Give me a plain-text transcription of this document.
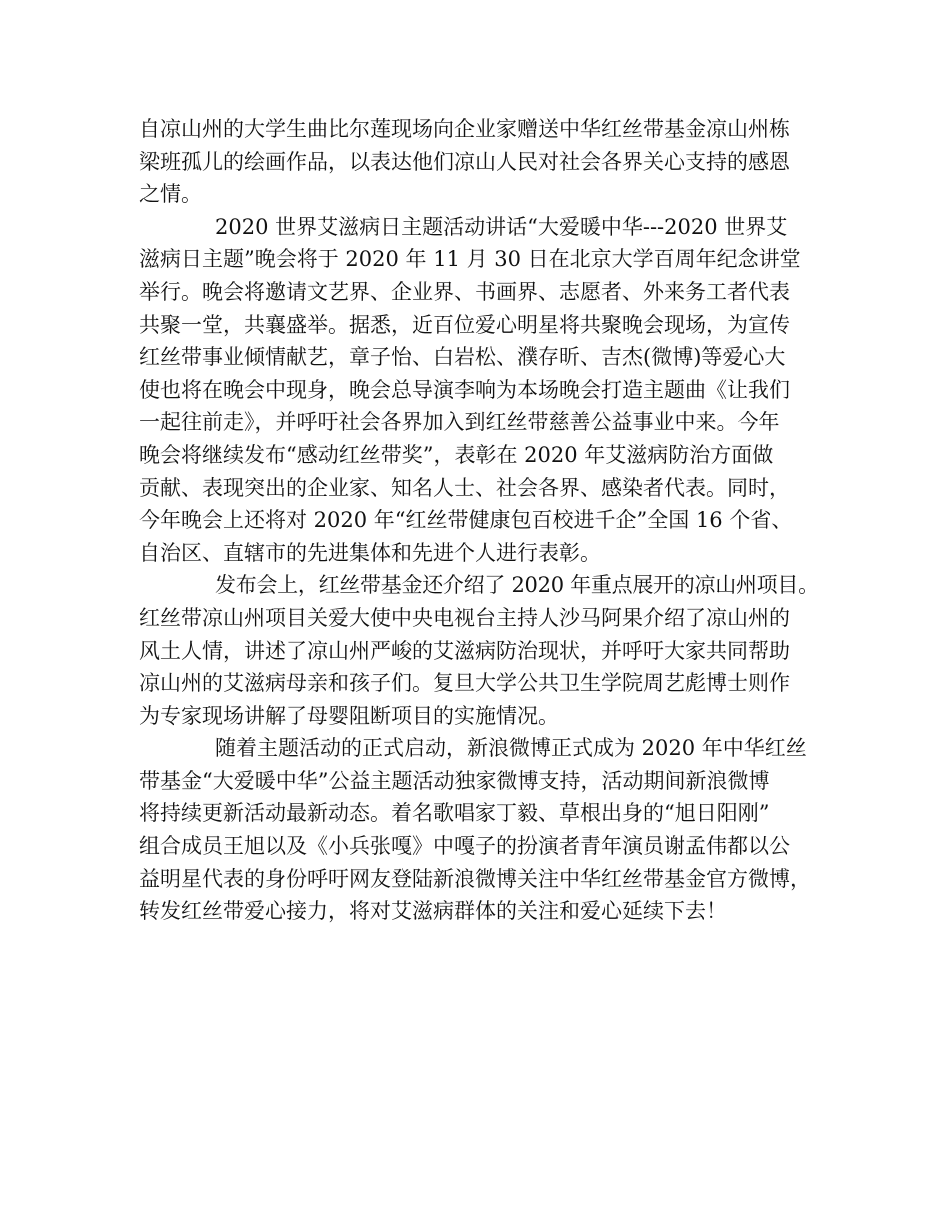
自凉山州的大学生曲比尔莲现场向企业家赠送中华红丝带基金凉山州栋
梁班孤儿的绘画作品，以表达他们凉山人民对社会各界关心支持的感恩
之情。

2020 世界艾滋病日主题活动讲话“大爱暖中华---2020 世界艾
滋病日主题”晚会将于 2020 年 11 月 30 日在北京大学百周年纪念讲堂
举行。晚会将邀请文艺界、企业界、书画界、志愿者、外来务工者代表
共聚一堂，共襄盛举。据悉，近百位爱心明星将共聚晚会现场，为宣传
红丝带事业倾情献艺，章子怡、白岩松、濮存昕、吉杰(微博)等爱心大
使也将在晚会中现身，晚会总导演李响为本场晚会打造主题曲《让我们
一起往前走》，并呼吁社会各界加入到红丝带慈善公益事业中来。今年
晚会将继续发布“感动红丝带奖”，表彰在 2020 年艾滋病防治方面做
贡献、表现突出的企业家、知名人士、社会各界、感染者代表。同时，
今年晚会上还将对 2020 年“红丝带健康包百校进千企”全国 16 个省、
自治区、直辖市的先进集体和先进个人进行表彰。

发布会上，红丝带基金还介绍了 2020 年重点展开的凉山州项目。
红丝带凉山州项目关爱大使中央电视台主持人沙马阿果介绍了凉山州的
风土人情，讲述了凉山州严峻的艾滋病防治现状，并呼吁大家共同帮助
凉山州的艾滋病母亲和孩子们。复旦大学公共卫生学院周艺彪博士则作
为专家现场讲解了母婴阻断项目的实施情况。

随着主题活动的正式启动，新浪微博正式成为 2020 年中华红丝
带基金“大爱暖中华”公益主题活动独家微博支持，活动期间新浪微博
将持续更新活动最新动态。着名歌唱家丁毅、草根出身的“旭日阳刚”
组合成员王旭以及《小兵张嘎》中嘎子的扮演者青年演员谢孟伟都以公
益明星代表的身份呼吁网友登陆新浪微博关注中华红丝带基金官方微博，
转发红丝带爱心接力，将对艾滋病群体的关注和爱心延续下去！
